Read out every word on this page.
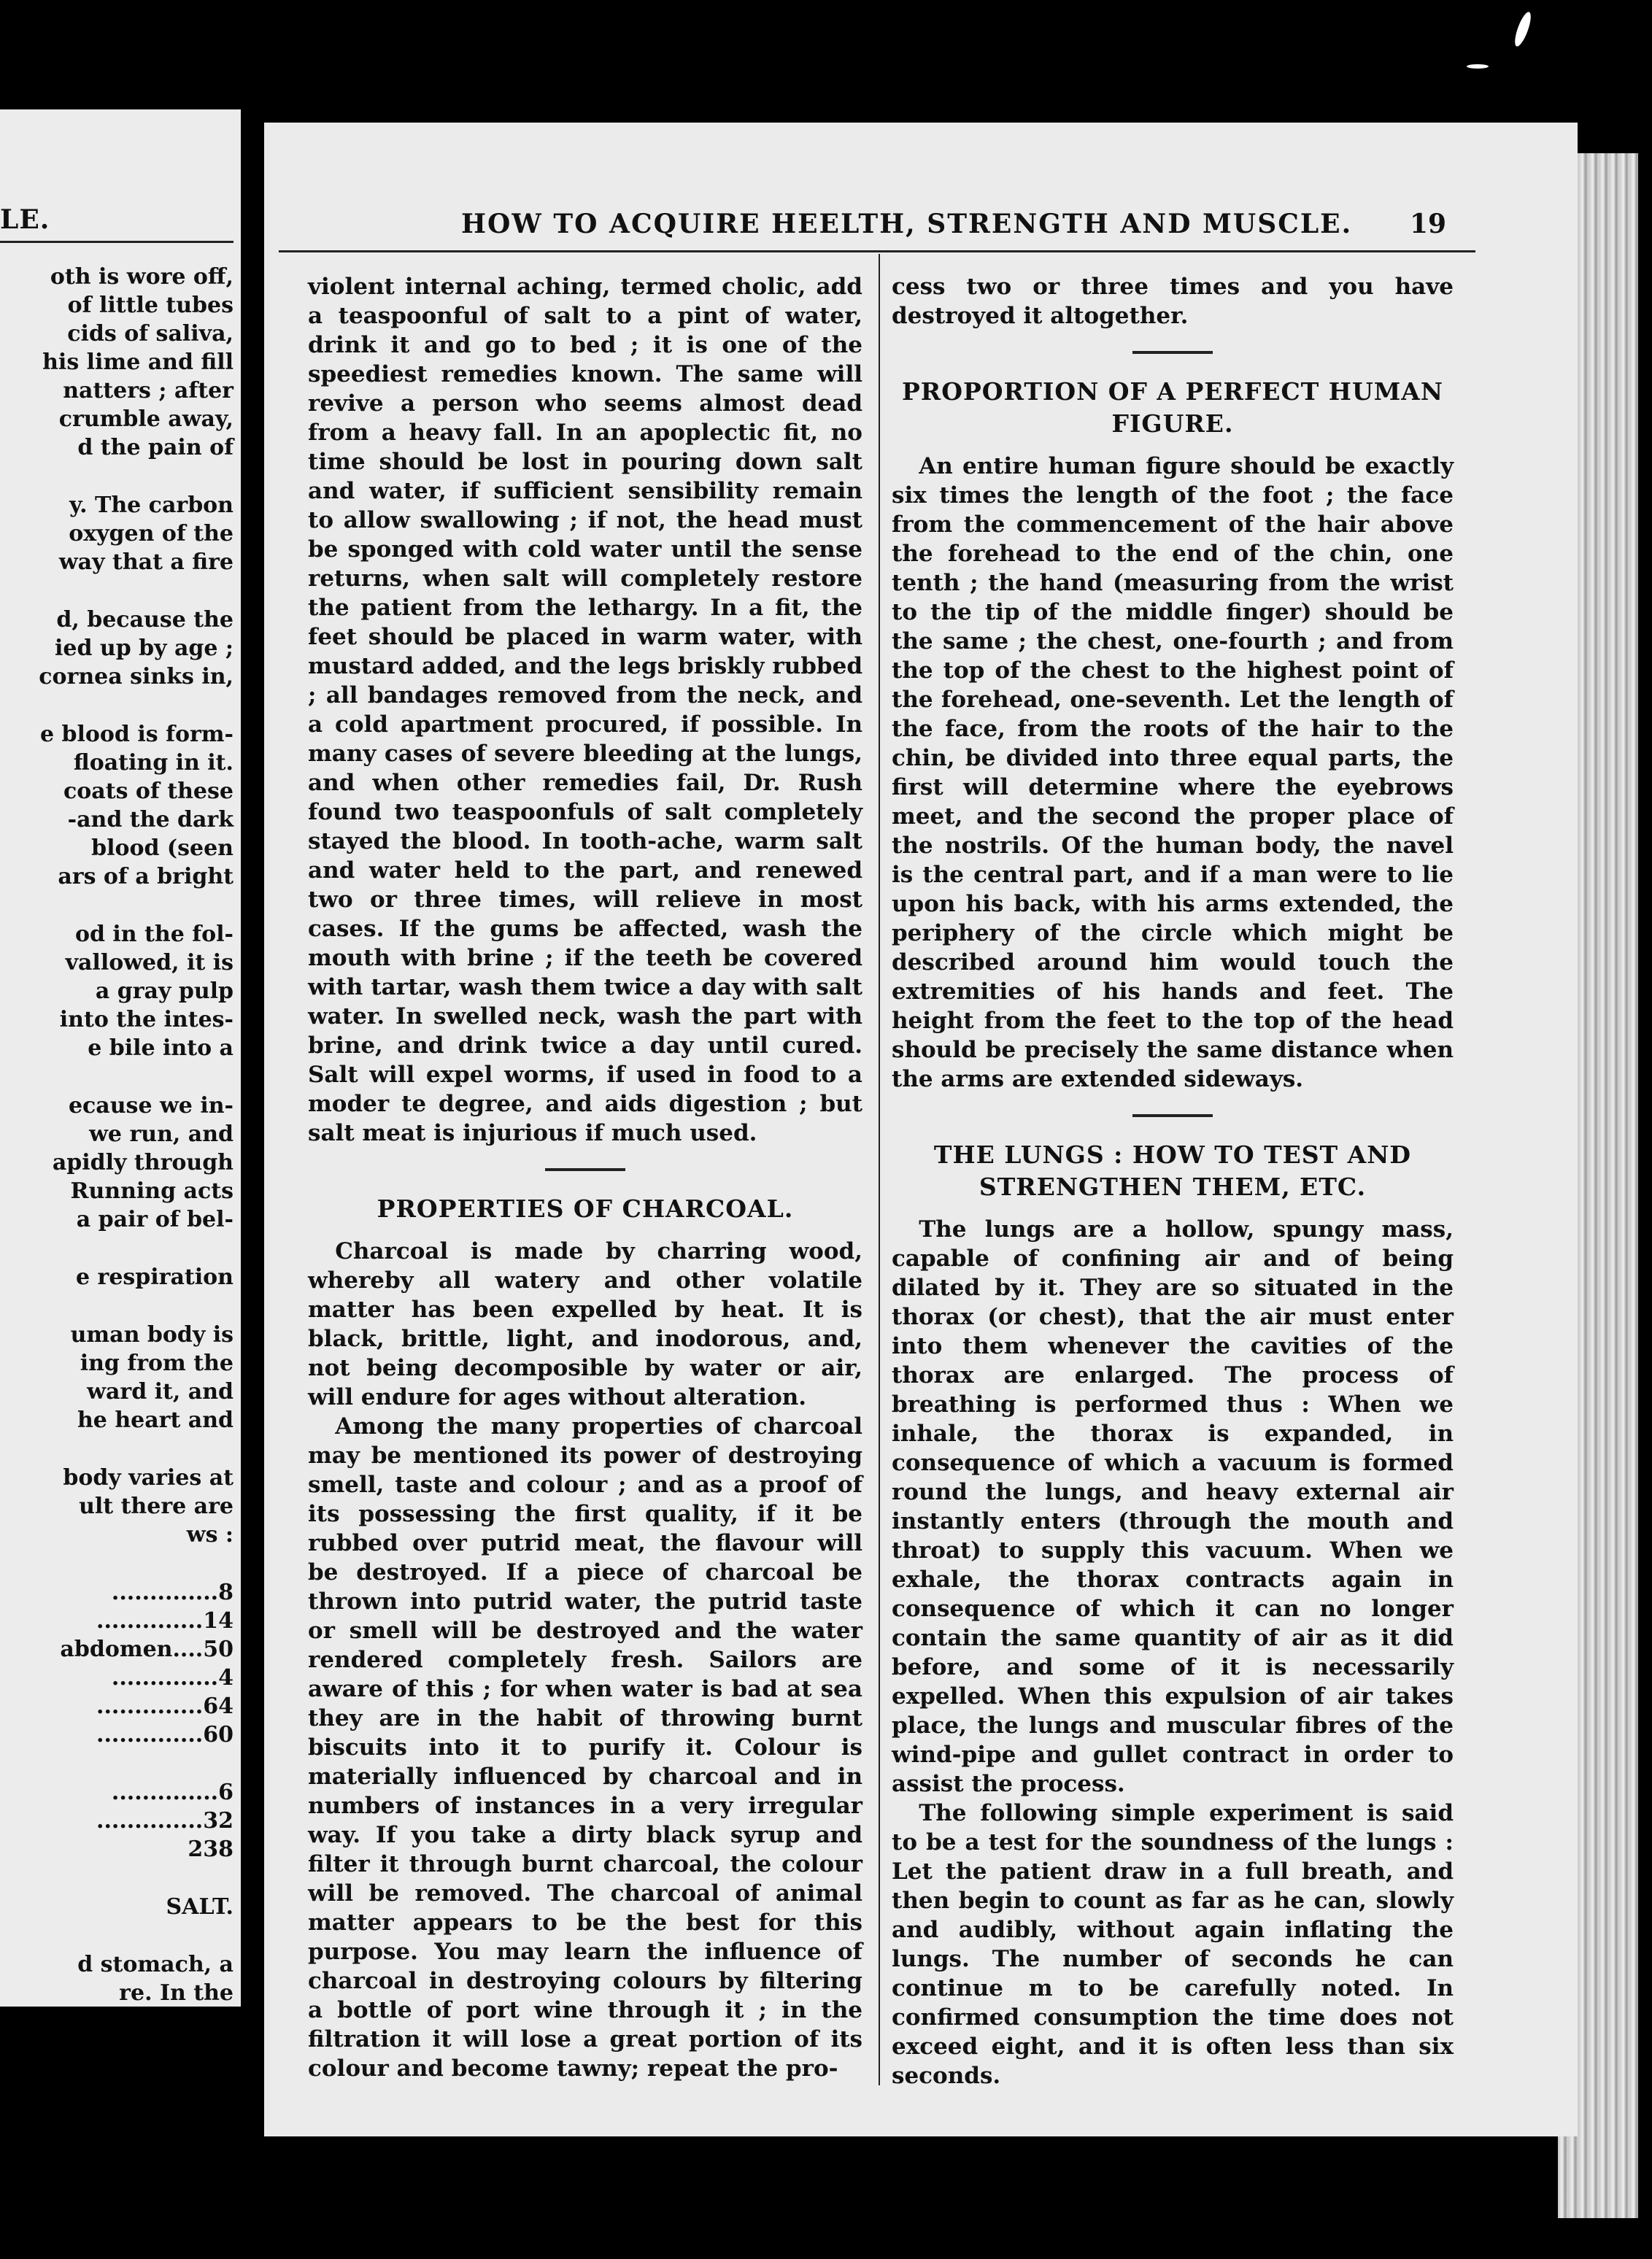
LE.
oth is wore off,
of little tubes
cids of saliva,
his lime and fill
natters ; after
crumble away,
d the pain of
y. The carbon
oxygen of the
way that a fire
d, because the
ied up by age ;
cornea sinks in,
e blood is form-
floating in it.
coats of these
-and the dark
blood (seen
ars of a bright
od in the fol-
vallowed, it is
a gray pulp
into the intes-
e bile into a
ecause we in-
we run, and
apidly through
Running acts
a pair of bel-
e respiration
uman body is
ing from the
ward it, and
he heart and
body varies at
ult there are
ws :
..............8
..............14
abdomen....50
..............4
..............64
..............60
..............6
..............32
238
SALT.
d stomach, a
re. In the
HOW TO ACQUIRE HEELTH, STRENGTH AND MUSCLE. 19

violent internal aching, termed cholic, add a teaspoonful of salt to a pint of water, drink it and go to bed ; it is one of the speediest remedies known. The same will revive a person who seems almost dead from a heavy fall. In an apoplectic fit, no time should be lost in pouring down salt and water, if sufficient sensibility remain to allow swallowing ; if not, the head must be sponged with cold water until the sense returns, when salt will completely restore the patient from the lethargy. In a fit, the feet should be placed in warm water, with mustard added, and the legs briskly rubbed ; all bandages removed from the neck, and a cold apartment procured, if possible. In many cases of severe bleeding at the lungs, and when other remedies fail, Dr. Rush found two teaspoonfuls of salt completely stayed the blood. In tooth-ache, warm salt and water held to the part, and renewed two or three times, will relieve in most cases. If the gums be affected, wash the mouth with brine ; if the teeth be covered with tartar, wash them twice a day with salt water. In swelled neck, wash the part with brine, and drink twice a day until cured. Salt will expel worms, if used in food to a moder te degree, and aids digestion ; but salt meat is injurious if much used.

PROPERTIES OF CHARCOAL.

Charcoal is made by charring wood, whereby all watery and other volatile matter has been expelled by heat. It is black, brittle, light, and inodorous, and, not being decomposible by water or air, will endure for ages without alteration.

Among the many properties of charcoal may be mentioned its power of destroying smell, taste and colour ; and as a proof of its possessing the first quality, if it be rubbed over putrid meat, the flavour will be destroyed. If a piece of charcoal be thrown into putrid water, the putrid taste or smell will be destroyed and the water rendered completely fresh. Sailors are aware of this ; for when water is bad at sea they are in the habit of throwing burnt biscuits into it to purify it. Colour is materially influenced by charcoal and in numbers of instances in a very irregular way. If you take a dirty black syrup and filter it through burnt charcoal, the colour will be removed. The charcoal of animal matter appears to be the best for this purpose. You may learn the influence of charcoal in destroying colours by filtering a bottle of port wine through it ; in the filtration it will lose a great portion of its colour and become tawny; repeat the pro-

cess two or three times and you have destroyed it altogether.

PROPORTION OF A PERFECT HUMAN FIGURE.

An entire human figure should be exactly six times the length of the foot ; the face from the commencement of the hair above the forehead to the end of the chin, one tenth ; the hand (measuring from the wrist to the tip of the middle finger) should be the same ; the chest, one-fourth ; and from the top of the chest to the highest point of the forehead, one-seventh. Let the length of the face, from the roots of the hair to the chin, be divided into three equal parts, the first will determine where the eyebrows meet, and the second the proper place of the nostrils. Of the human body, the navel is the central part, and if a man were to lie upon his back, with his arms extended, the periphery of the circle which might be described around him would touch the extremities of his hands and feet. The height from the feet to the top of the head should be precisely the same distance when the arms are extended sideways.

THE LUNGS : HOW TO TEST AND STRENGTHEN THEM, ETC.

The lungs are a hollow, spungy mass, capable of confining air and of being dilated by it. They are so situated in the thorax (or chest), that the air must enter into them whenever the cavities of the thorax are enlarged. The process of breathing is performed thus : When we inhale, the thorax is expanded, in consequence of which a vacuum is formed round the lungs, and heavy external air instantly enters (through the mouth and throat) to supply this vacuum. When we exhale, the thorax contracts again in consequence of which it can no longer contain the same quantity of air as it did before, and some of it is necessarily expelled. When this expulsion of air takes place, the lungs and muscular fibres of the wind-pipe and gullet contract in order to assist the process.

The following simple experiment is said to be a test for the soundness of the lungs : Let the patient draw in a full breath, and then begin to count as far as he can, slowly and audibly, without again inflating the lungs. The number of seconds he can continue m to be carefully noted. In confirmed consumption the time does not exceed eight, and it is often less than six seconds.
